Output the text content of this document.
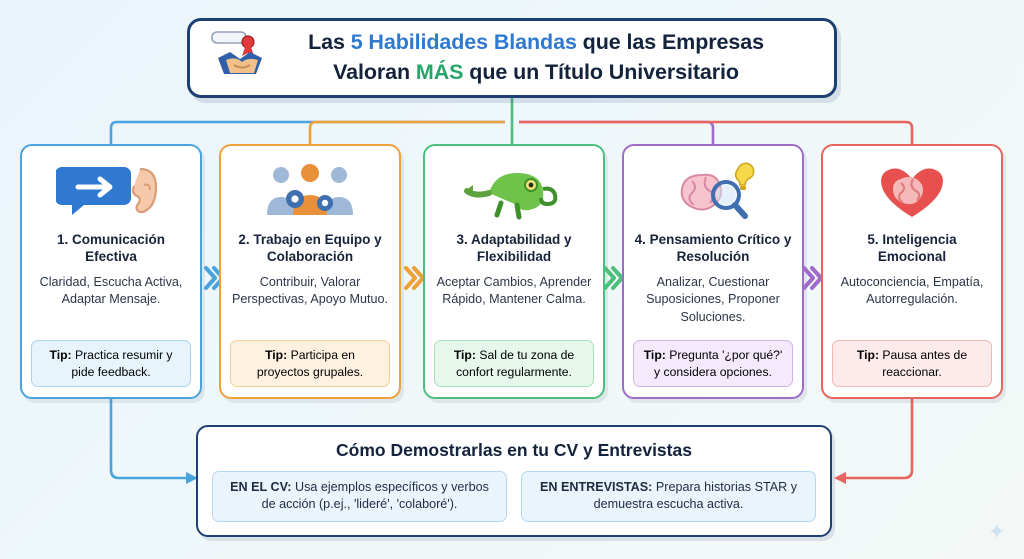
Las 5 Habilidades Blandas que las Empresas
Valoran MÁS que un Título Universitario
1. Comunicación Efectiva
Claridad, Escucha Activa, Adaptar Mensaje.
Tip: Practica resumir y pide feedback.
2. Trabajo en Equipo y Colaboración
Contribuir, Valorar Perspectivas, Apoyo Mutuo.
Tip: Participa en proyectos grupales.
3. Adaptabilidad y Flexibilidad
Aceptar Cambios, Aprender Rápido, Mantener Calma.
Tip: Sal de tu zona de confort regularmente.
4. Pensamiento Crítico y Resolución
Analizar, Cuestionar Suposiciones, Proponer Soluciones.
Tip: Pregunta '¿por qué?' y considera opciones.
5. Inteligencia Emocional
Autoconciencia, Empatía, Autorregulación.
Tip: Pausa antes de reaccionar.
Cómo Demostrarlas en tu CV y Entrevistas
EN EL CV: Usa ejemplos específicos y verbos de acción (p.ej., 'lideré', 'colaboré').
EN ENTREVISTAS: Prepara historias STAR y demuestra escucha activa.
✦
